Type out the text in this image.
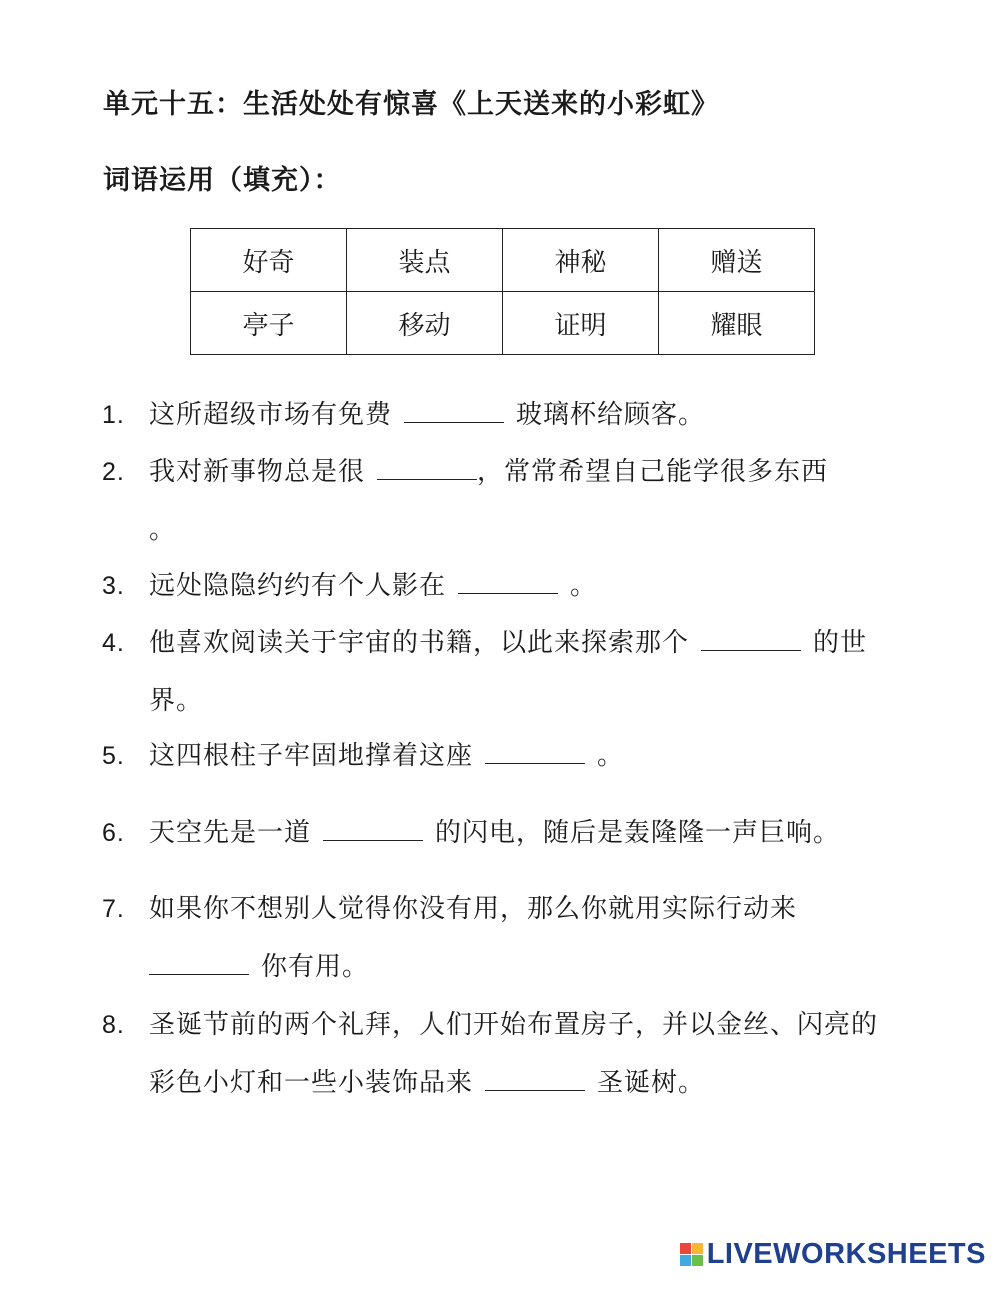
单元十五：生活处处有惊喜《上天送来的小彩虹》
词语运用（填充）：
好奇	装点	神秘	赠送
亭子	移动	证明	耀眼
1. 这所超级市场有免费	玻璃杯给顾客。
2. 我对新事物总是很	，常常希望自己能学很多东西 。
3. 远处隐隐约约有个人影在	。
4. 他喜欢阅读关于宇宙的书籍，以此来探索那个	的世界。
5. 这四根柱子牢固地撑着这座	。
6. 天空先是一道	的闪电，随后是轰隆隆一声巨响。
7. 如果你不想别人觉得你没有用，那么你就用实际行动来你有用。
8. 圣诞节前的两个礼拜，人们开始布置房子，并以金丝、闪亮的彩色小灯和一些小装饰品来	圣诞树。
LIVEWORKSHEETS
